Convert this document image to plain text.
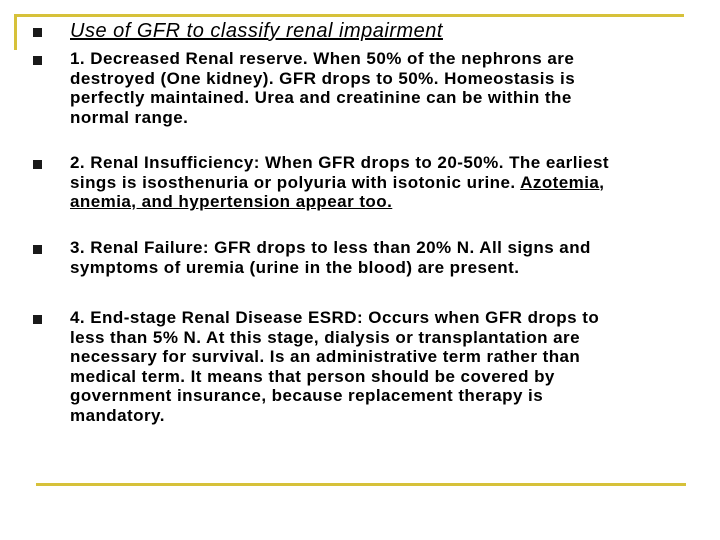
Use of GFR to classify renal impairment
1. Decreased Renal reserve. When 50% of the nephrons are
destroyed (One kidney). GFR drops to 50%. Homeostasis is
perfectly maintained. Urea and creatinine can be within the
normal range.
2. Renal Insufficiency: When GFR drops to 20-50%. The earliest
sings is isosthenuria or polyuria with isotonic urine. Azotemia,
anemia, and hypertension appear too.
3. Renal Failure: GFR drops to less than 20% N. All signs and
symptoms of uremia (urine in the blood) are present.
4. End-stage Renal Disease ESRD: Occurs when GFR drops to
less than 5% N. At this stage, dialysis or transplantation are
necessary for survival. Is an administrative term rather than
medical term. It means that person should be covered by
government insurance, because replacement therapy is
mandatory.
